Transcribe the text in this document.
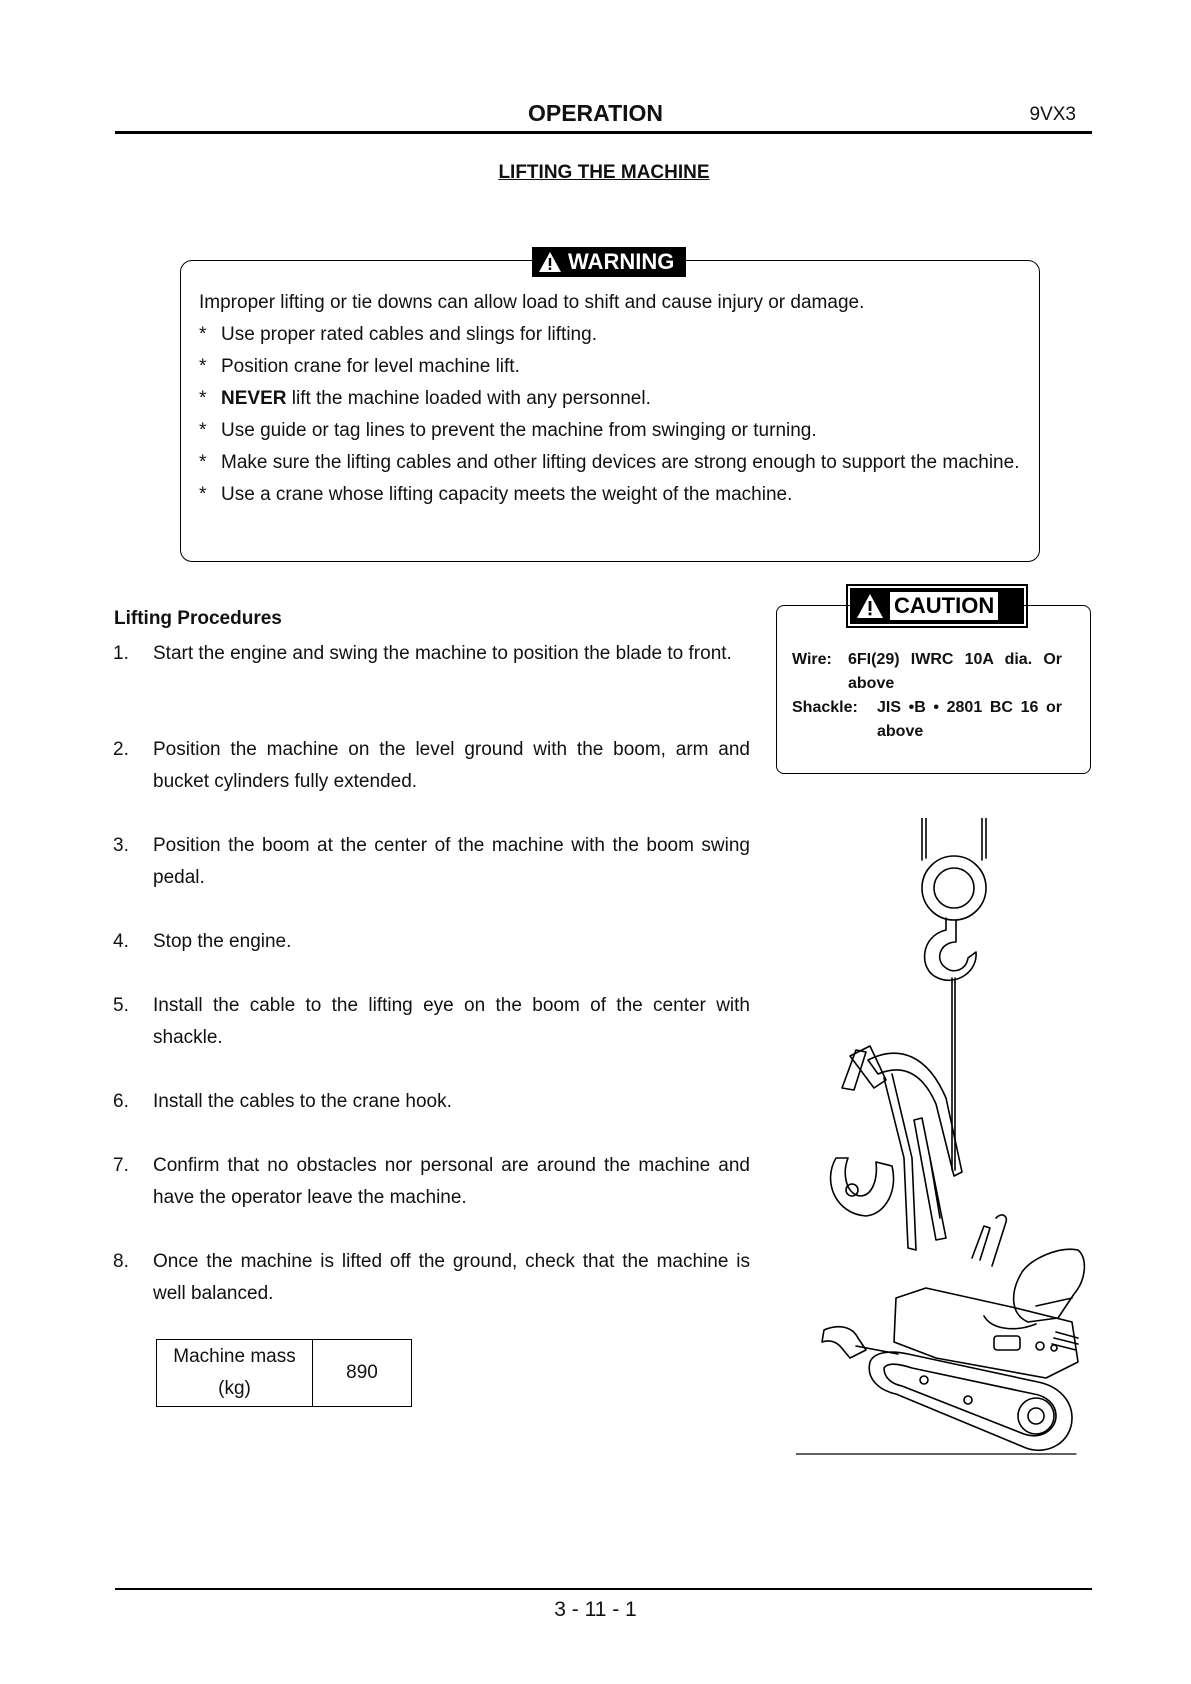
OPERATION	9VX3
LIFTING THE MACHINE
WARNING

Improper lifting or tie downs can allow load to shift and cause injury or damage.

* Use proper rated cables and slings for lifting.
* Position crane for level machine lift.
* NEVER lift the machine loaded with any personnel.
* Use guide or tag lines to prevent the machine from swinging or turning.
* Make sure the lifting cables and other lifting devices are strong enough to support the machine.
* Use a crane whose lifting capacity meets the weight of the machine.
Lifting Procedures
1.	Start the engine and swing the machine to position the blade to front.
2.	Position the machine on the level ground with the boom, arm and bucket cylinders fully extended.
3.	Position the boom at the center of the machine with the boom swing pedal.
4.	Stop the engine.
5.	Install the cable to the lifting eye on the boom of the center with shackle.
6.	Install the cables to the crane hook.
7.	Confirm that no obstacles nor personal are around the machine and have the operator leave the machine.
8.	Once the machine is lifted off the ground, check that the machine is well balanced.
Machine mass
(kg)	890
CAUTION
Wire:	6FI(29) IWRC 10A dia. Or above
Shackle:	JIS •B • 2801 BC 16 or above
3 - 11 - 1
